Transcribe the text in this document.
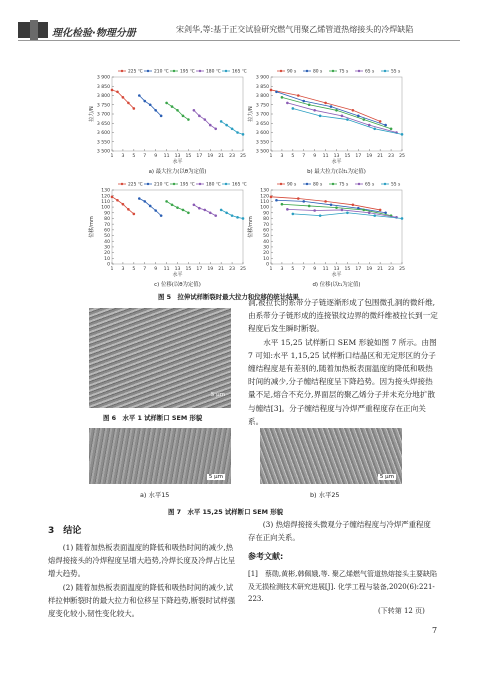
理化检验·物理分册	宋剑华,等:基于正交试验研究燃气用聚乙烯管道热熔接头的冷焊缺陷
3 500
3 550
3 600
3 650
3 700
3 750
3 800
3 850
3 900
1 3 5 7 9 11 13 15 17 19 21 23 25
水平
拉力/N
225 ℃	210 ℃	195 ℃	180 ℃	165 ℃
a) 最大拉力(以θ为定值)
3 500
3 550
3 600
3 650
3 700
3 750
3 800
3 850
3 900
1 3 5 7 9 11 13 15 17 19 21 23 25
水平
拉力/N
90 s	80 s	75 s	65 s	55 s
b) 最大拉力(以t₁为定值)
0
10
20
30
40
50
60
70
80
90
100
110
120
130
1 3 5 7 9 11 13 15 17 19 21 23 25
水平
位移/mm
225 ℃	210 ℃	195 ℃	180 ℃	165 ℃
c) 位移(以θ为定值)
0
10
20
30
40
50
60
70
80
90
100
110
120
130
1 3 5 7 9 11 13 15 17 19 21 23 25
水平
位移/mm
90 s	80 s	75 s	65 s	55 s
d) 位移(以t₁为定值)
图 5　拉伸试样断裂时最大拉力和位移的统计结果
5 μm
图 6　水平 1 试样断口 SEM 形貌

洞,被拉长的系带分子链逐渐形成了包围微孔洞的微纤维,由系带分子链形成的连接银纹边界的微纤维被拉长到一定程度后发生瞬时断裂。

水平 15,25 试样断口 SEM 形貌如图 7 所示。由图 7 可知:水平 1,15,25 试样断口结晶区和无定形区的分子缠结程度是有差别的,随着加热板表面温度的降低和吸热时间的减少,分子缠结程度呈下降趋势。因为接头焊接热量不足,熔合不充分,界面层的聚乙烯分子并未充分地扩散与缠结[3]。分子缠结程度与冷焊严重程度存在正向关系。

5 μm	5 μm
a) 水平15	b) 水平25
图 7　水平 15,25 试样断口 SEM 形貌
3　结论

(1) 随着加热板表面温度的降低和吸热时间的减少,热熔焊接接头的冷焊程度呈增大趋势,冷焊长度及冷焊占比呈增大趋势。

(2) 随着加热板表面温度的降低和吸热时间的减少,试样拉伸断裂时的最大拉力和位移呈下降趋势,断裂时试样强度变化较小,韧性变化较大。

(3) 热熔焊接接头微观分子缠结程度与冷焊严重程度存在正向关系。

参考文献:
[1]　蔡勋,黄彬,韩佩娥,等. 聚乙烯燃气管道热熔接头主要缺陷及无损检测技术研究进展[J]. 化学工程与装备,2020(6):221-223.
(下转第 12 页)
7
